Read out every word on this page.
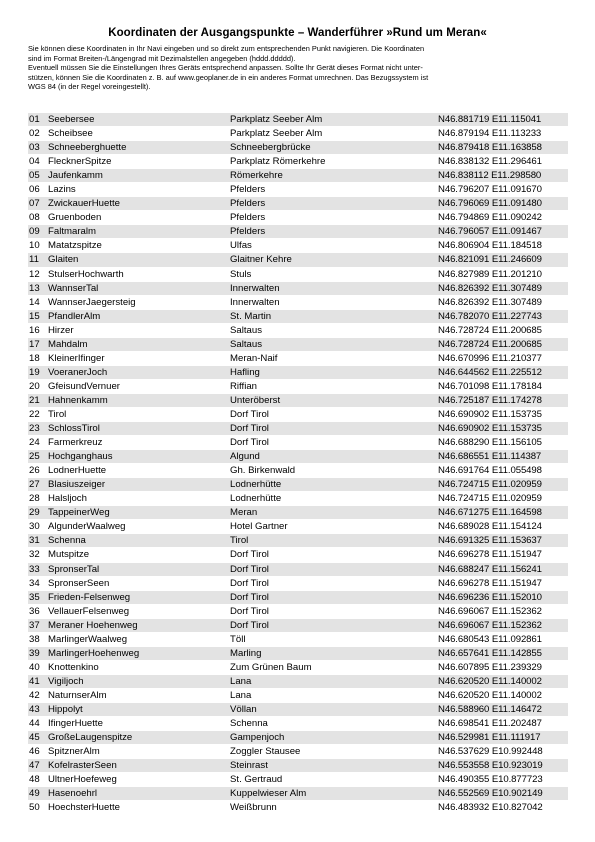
Koordinaten der Ausgangspunkte – Wanderführer »Rund um Meran«

Sie können diese Koordinaten in Ihr Navi eingeben und so direkt zum entsprechenden Punkt navigieren. Die Koordinaten

sind im Format Breiten-/Längengrad mit Dezimalstellen angegeben (hddd.ddddd).

Eventuell müssen Sie die Einstellungen Ihres Geräts entsprechend anpassen. Sollte Ihr Gerät dieses Format nicht unter-

stützen, können Sie die Koordinaten z. B. auf www.geoplaner.de in ein anderes Format umrechnen. Das Bezugssystem ist

WGS 84 (in der Regel voreingestellt).

01 Seebersee	Parkplatz Seeber Alm	N46.881719 E11.115041
02 Scheibsee	Parkplatz Seeber Alm	N46.879194 E11.113233
03 Schneeberghuette	Schneebergbrücke	N46.879418 E11.163858
04 FlecknerSpitze	Parkplatz Römerkehre	N46.838132 E11.296461
05 Jaufenkamm	Römerkehre	N46.838112 E11.298580
06 Lazins	Pfelders	N46.796207 E11.091670
07 ZwickauerHuette	Pfelders	N46.796069 E11.091480
08 Gruenboden	Pfelders	N46.794869 E11.090242
09 Faltmaralm	Pfelders	N46.796057 E11.091467
10 Matatzspitze	Ulfas	N46.806904 E11.184518
11 Glaiten	Glaitner Kehre	N46.821091 E11.246609
12 StulserHochwarth	Stuls	N46.827989 E11.201210
13 WannserTal	Innerwalten	N46.826392 E11.307489
14 WannserJaegersteig	Innerwalten	N46.826392 E11.307489
15 PfandlerAlm	St. Martin	N46.782070 E11.227743
16 Hirzer	Saltaus	N46.728724 E11.200685
17 Mahdalm	Saltaus	N46.728724 E11.200685
18 KleinerIfinger	Meran-Naif	N46.670996 E11.210377
19 VoeranerJoch	Hafling	N46.644562 E11.225512
20 GfeisundVernuer	Riffian	N46.701098 E11.178184
21 Hahnenkamm	Unteröberst	N46.725187 E11.174278
22 Tirol	Dorf Tirol	N46.690902 E11.153735
23 SchlossTirol	Dorf Tirol	N46.690902 E11.153735
24 Farmerkreuz	Dorf Tirol	N46.688290 E11.156105
25 Hochganghaus	Algund	N46.686551 E11.114387
26 LodnerHuette	Gh. Birkenwald	N46.691764 E11.055498
27 Blasiuszeiger	Lodnerhütte	N46.724715 E11.020959
28 Halsljoch	Lodnerhütte	N46.724715 E11.020959
29 TappeinerWeg	Meran	N46.671275 E11.164598
30 AlgunderWaalweg	Hotel Gartner	N46.689028 E11.154124
31 Schenna	Tirol	N46.691325 E11.153637
32 Mutspitze	Dorf Tirol	N46.696278 E11.151947
33 SpronserTal	Dorf Tirol	N46.688247 E11.156241
34 SpronserSeen	Dorf Tirol	N46.696278 E11.151947
35 Frieden-Felsenweg	Dorf Tirol	N46.696236 E11.152010
36 VellauerFelsenweg	Dorf Tirol	N46.696067 E11.152362
37 Meraner Hoehenweg	Dorf Tirol	N46.696067 E11.152362
38 MarlingerWaalweg	Töll	N46.680543 E11.092861
39 MarlingerHoehenweg	Marling	N46.657641 E11.142855
40 Knottenkino	Zum Grünen Baum	N46.607895 E11.239329
41 Vigiljoch	Lana	N46.620520 E11.140002
42 NaturnserAlm	Lana	N46.620520 E11.140002
43 Hippolyt	Völlan	N46.588960 E11.146472
44 IfingerHuette	Schenna	N46.698541 E11.202487
45 GroßeLaugenspitze	Gampenjoch	N46.529981 E11.111917
46 SpitznerAlm	Zoggler Stausee	N46.537629 E10.992448
47 KofelrasterSeen	Steinrast	N46.553558 E10.923019
48 UltnerHoefeweg	St. Gertraud	N46.490355 E10.877723
49 Hasenoehrl	Kuppelwieser Alm	N46.552569 E10.902149
50 HoechsterHuette	Weißbrunn	N46.483932 E10.827042
